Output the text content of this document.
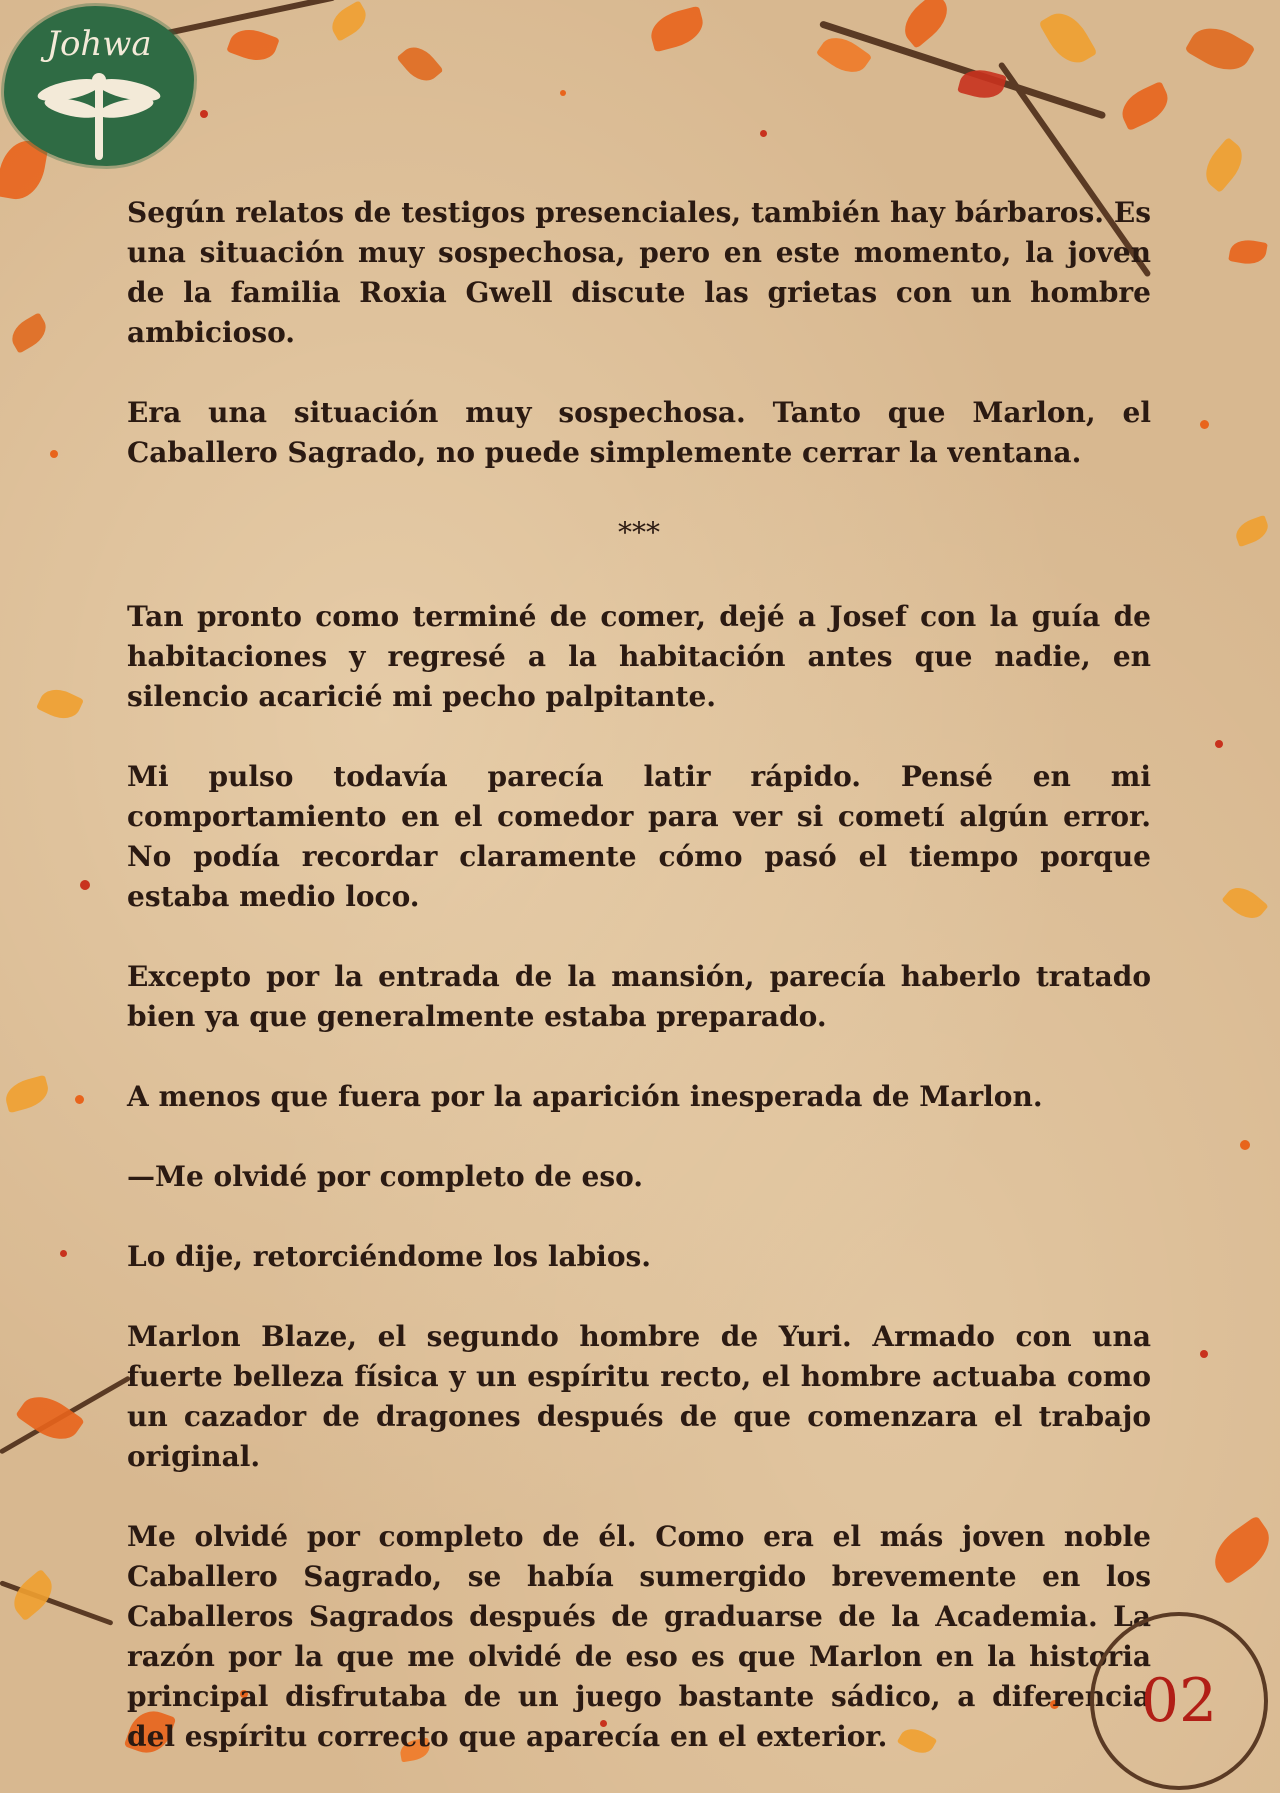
Johwa

Según relatos de testigos presenciales, también hay bárbaros. Es una situación muy sospechosa, pero en este momento, la joven de la familia Roxia Gwell discute las grietas con un hombre ambicioso.

Era una situación muy sospechosa. Tanto que Marlon, el Caballero Sagrado, no puede simplemente cerrar la ventana.

***

Tan pronto como terminé de comer, dejé a Josef con la guía de habitaciones y regresé a la habitación antes que nadie, en silencio acaricié mi pecho palpitante.

Mi pulso todavía parecía latir rápido. Pensé en mi comportamiento en el comedor para ver si cometí algún error. No podía recordar claramente cómo pasó el tiempo porque estaba medio loco.

Excepto por la entrada de la mansión, parecía haberlo tratado bien ya que generalmente estaba preparado.

A menos que fuera por la aparición inesperada de Marlon.

—Me olvidé por completo de eso.

Lo dije, retorciéndome los labios.

Marlon Blaze, el segundo hombre de Yuri. Armado con una fuerte belleza física y un espíritu recto, el hombre actuaba como un cazador de dragones después de que comenzara el trabajo original.

Me olvidé por completo de él. Como era el más joven noble Caballero Sagrado, se había sumergido brevemente en los Caballeros Sagrados después de graduarse de la Academia. La razón por la que me olvidé de eso es que Marlon en la historia principal disfrutaba de un juego bastante sádico, a diferencia del espíritu correcto que aparecía en el exterior.

02
